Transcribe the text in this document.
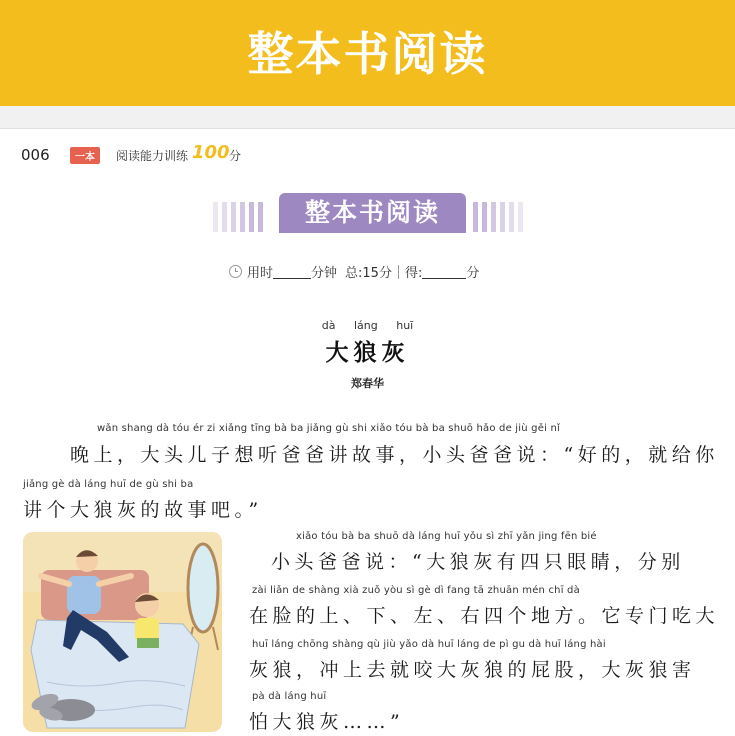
整本书阅读
006	一本	阅读能力训练 100 分
整本书阅读
用时	分钟 总:15分 得:	分
dà láng huī
大狼灰
郑春华
wǎn shang dà tóu ér zi xiǎng tīng bà ba jiǎng gù shi xiǎo tóu bà ba shuō hǎo de jiù gěi nǐ
晚上，大头儿子想听爸爸讲故事，小头爸爸说：“好的，就给你
jiǎng gè dà láng huī de gù shi ba
讲个大狼灰的故事吧。”
xiǎo tóu bà ba shuō dà láng huī yǒu sì zhī yǎn jing fēn bié
小头爸爸说：“大狼灰有四只眼睛，分别
zài liǎn de shàng xià zuǒ yòu sì gè dì fang tā zhuān mén chī dà
在脸的上、下、左、右四个地方。它专门吃大
huī láng chōng shàng qù jiù yǎo dà huī láng de pì gu dà huī láng hài
灰狼，冲上去就咬大灰狼的屁股，大灰狼害
pà dà láng huī
怕大狼灰……”
